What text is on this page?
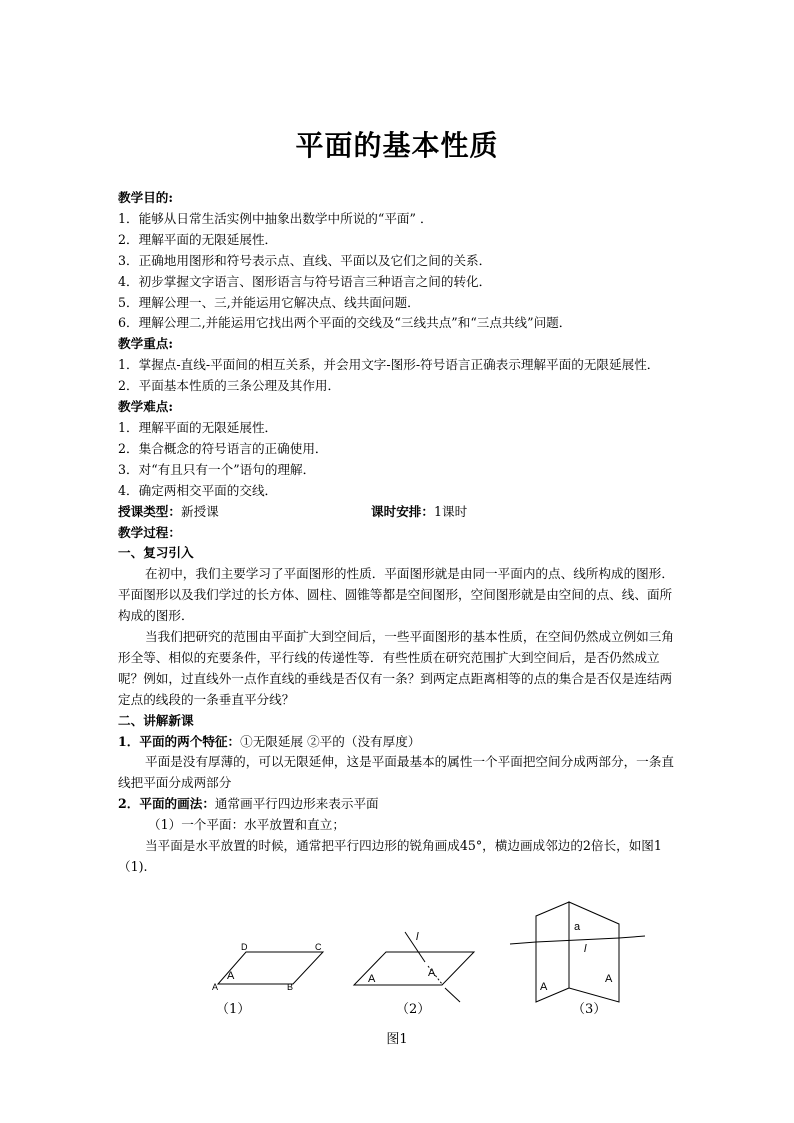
平面的基本性质
教学目的:
1．能够从日常生活实例中抽象出数学中所说的“平面” ．
2．理解平面的无限延展性．
3．正确地用图形和符号表示点、直线、平面以及它们之间的关系．
4．初步掌握文字语言、图形语言与符号语言三种语言之间的转化．
5．理解公理一、三,并能运用它解决点、线共面问题．
6．理解公理二,并能运用它找出两个平面的交线及“三线共点”和“三点共线”问题．
教学重点:
1．掌握点-直线-平面间的相互关系，并会用文字-图形-符号语言正确表示理解平面的无限延展性．
2．平面基本性质的三条公理及其作用．
教学难点:
1．理解平面的无限延展性．
2．集合概念的符号语言的正确使用．
3．对“有且只有一个”语句的理解．
4．确定两相交平面的交线．
授课类型：新授课	课时安排：1课时
教学过程：
一、复习引入
在初中，我们主要学习了平面图形的性质．平面图形就是由同一平面内的点、线所构成的图形．平面图形以及我们学过的长方体、圆柱、圆锥等都是空间图形，空间图形就是由空间的点、线、面所构成的图形．
当我们把研究的范围由平面扩大到空间后，一些平面图形的基本性质，在空间仍然成立例如三角形全等、相似的充要条件，平行线的传递性等．有些性质在研究范围扩大到空间后，是否仍然成立呢？例如，过直线外一点作直线的垂线是否仅有一条？到两定点距离相等的点的集合是否仅是连结两定点的线段的一条垂直平分线？
二、讲解新课
1．平面的两个特征：①无限延展 ②平的（没有厚度）
平面是没有厚薄的，可以无限延伸，这是平面最基本的属性一个平面把空间分成两部分，一条直线把平面分成两部分
2．平面的画法：通常画平行四边形来表示平面
（1）一个平面：水平放置和直立；
当平面是水平放置的时候，通常把平行四边形的锐角画成45°，横边画成邻边的2倍长，如图1（1).
D	C
A	B
A
l
A
A
a
l
A
A
（1）	（2）	（3）
图1
